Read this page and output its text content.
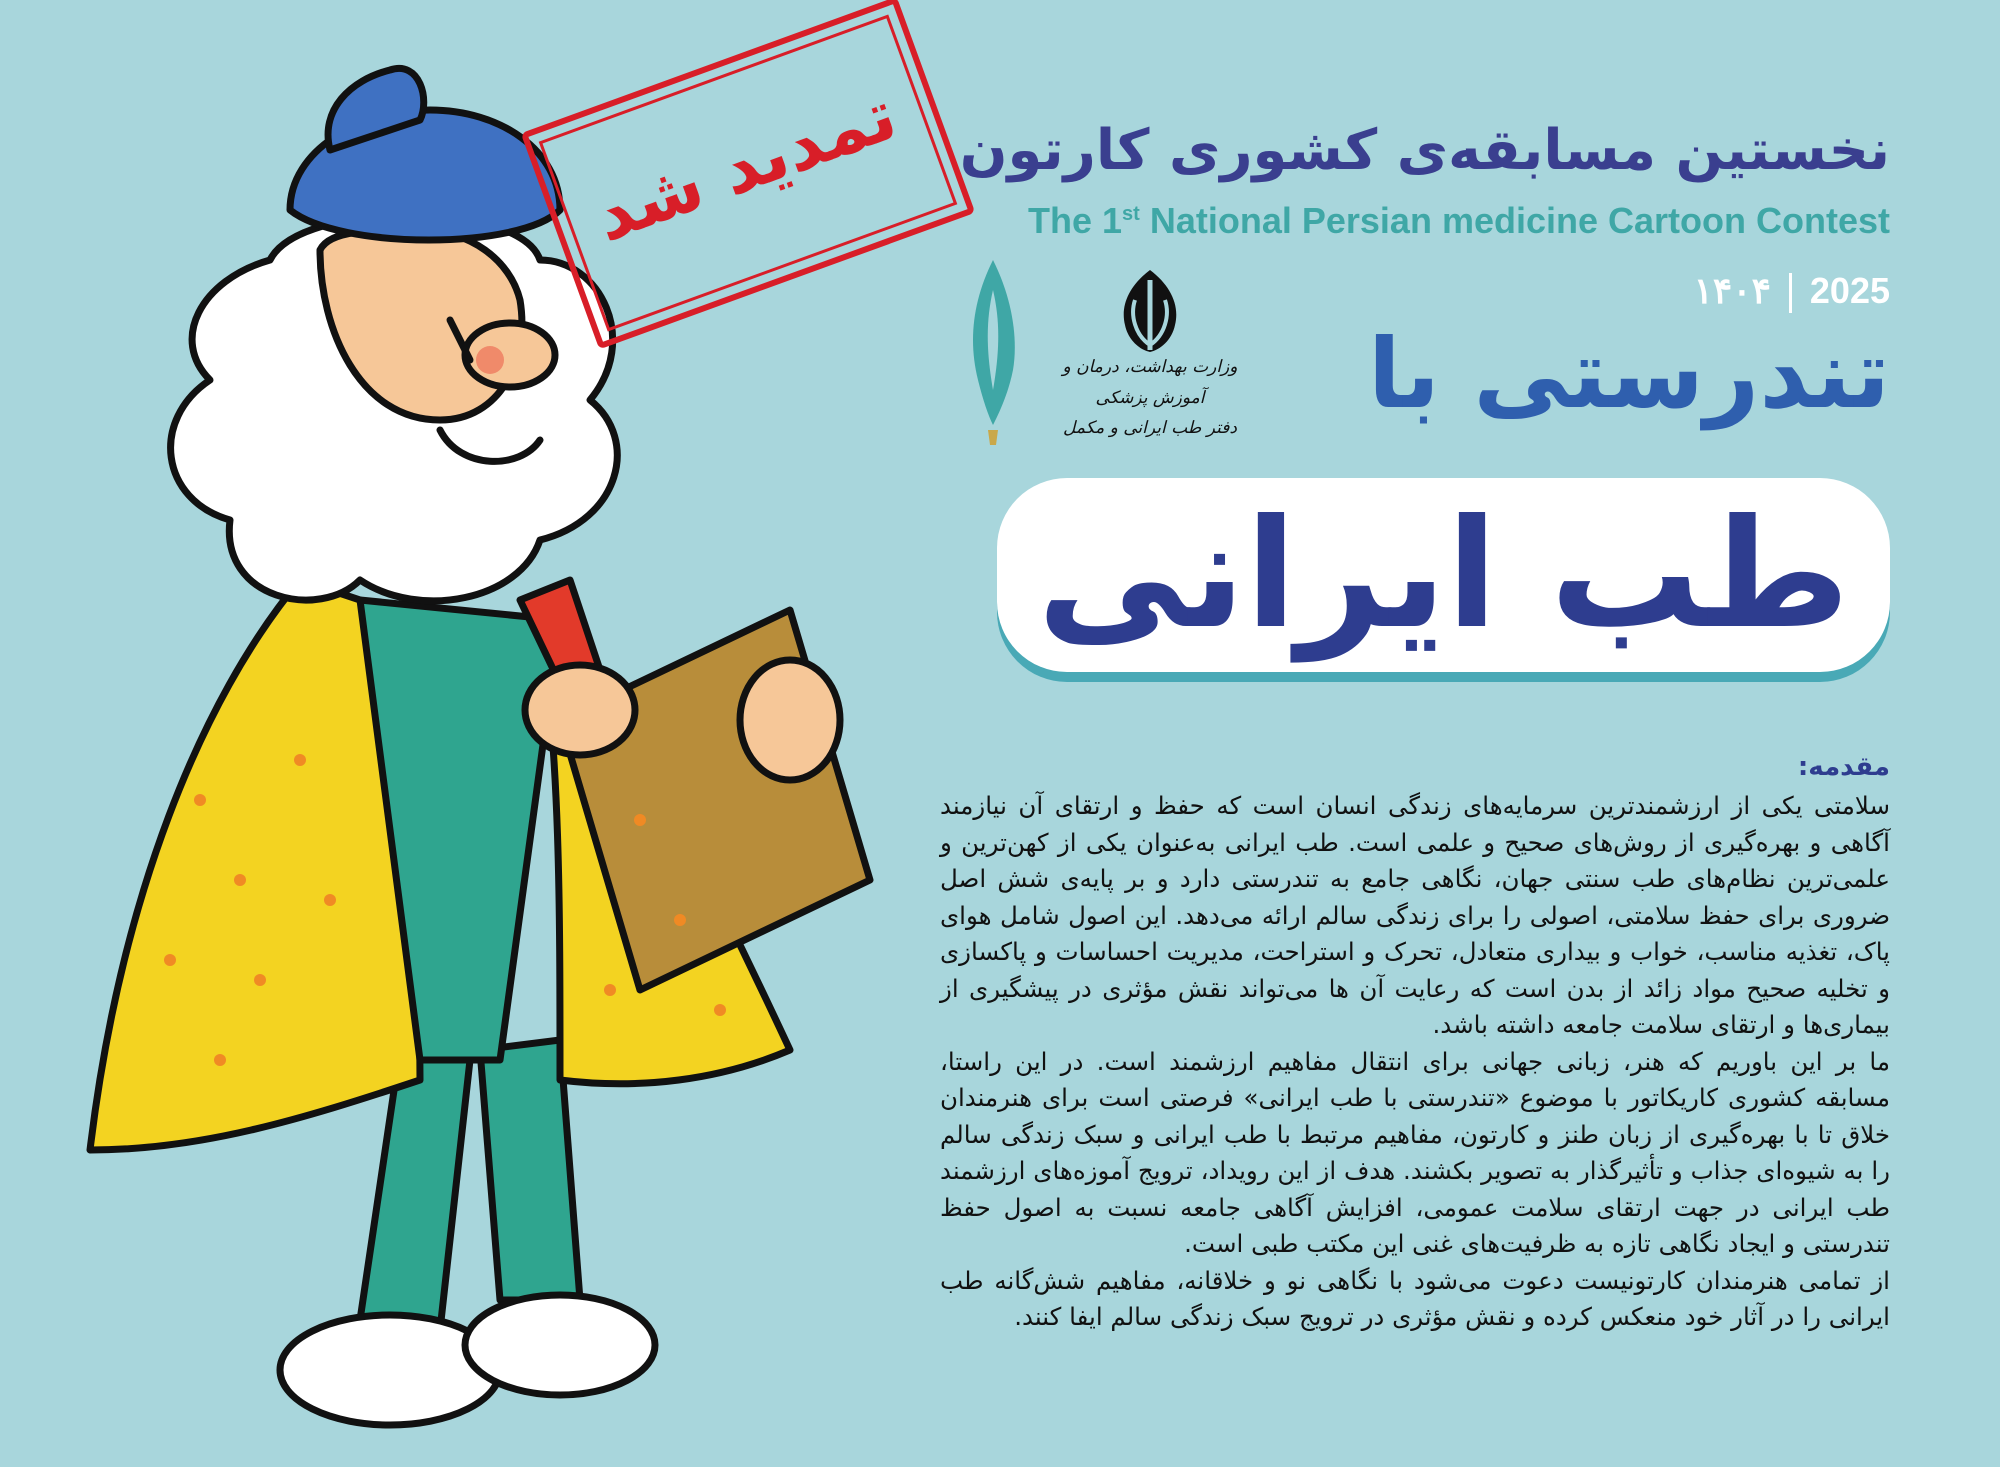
تمدید شد نخستین مسابقه‌ی کشوری کارتون
The 1st National Persian medicine Cartoon Contest
۱۴۰۴ 2025
تندرستی با
طب ایرانی
وزارت بهداشت، درمان و آموزش پزشکی
دفتر طب ایرانی و مکمل
مقدمه:

سلامتی یکی از ارزشمندترین سرمایه‌های زندگی انسان است که حفظ و ارتقای آن نیازمند آگاهی و بهره‌گیری از روش‌های صحیح و علمی است. طب ایرانی به‌عنوان یکی از کهن‌ترین و علمی‌ترین نظام‌های طب سنتی جهان، نگاهی جامع به تندرستی دارد و بر پایه‌ی شش اصل ضروری برای حفظ سلامتی، اصولی را برای زندگی سالم ارائه می‌دهد. این اصول شامل هوای پاک، تغذیه مناسب، خواب و بیداری متعادل، تحرک و استراحت، مدیریت احساسات و پاکسازی و تخلیه صحیح مواد زائد از بدن است که رعایت آن ها می‌تواند نقش مؤثری در پیشگیری از بیماری‌ها و ارتقای سلامت جامعه داشته باشد.

ما بر این باوریم که هنر، زبانی جهانی برای انتقال مفاهیم ارزشمند است. در این راستا، مسابقه کشوری کاریکاتور با موضوع «تندرستی با طب ایرانی» فرصتی است برای هنرمندان خلاق تا با بهره‌گیری از زبان طنز و کارتون، مفاهیم مرتبط با طب ایرانی و سبک زندگی سالم را به شیوه‌ای جذاب و تأثیرگذار به تصویر بکشند. هدف از این رویداد، ترویج آموزه‌های ارزشمند طب ایرانی در جهت ارتقای سلامت عمومی، افزایش آگاهی جامعه نسبت به اصول حفظ تندرستی و ایجاد نگاهی تازه به ظرفیت‌های غنی این مکتب طبی است.

از تمامی هنرمندان کارتونیست دعوت می‌شود با نگاهی نو و خلاقانه، مفاهیم شش‌گانه طب ایرانی را در آثار خود منعکس کرده و نقش مؤثری در ترویج سبک زندگی سالم ایفا کنند.
